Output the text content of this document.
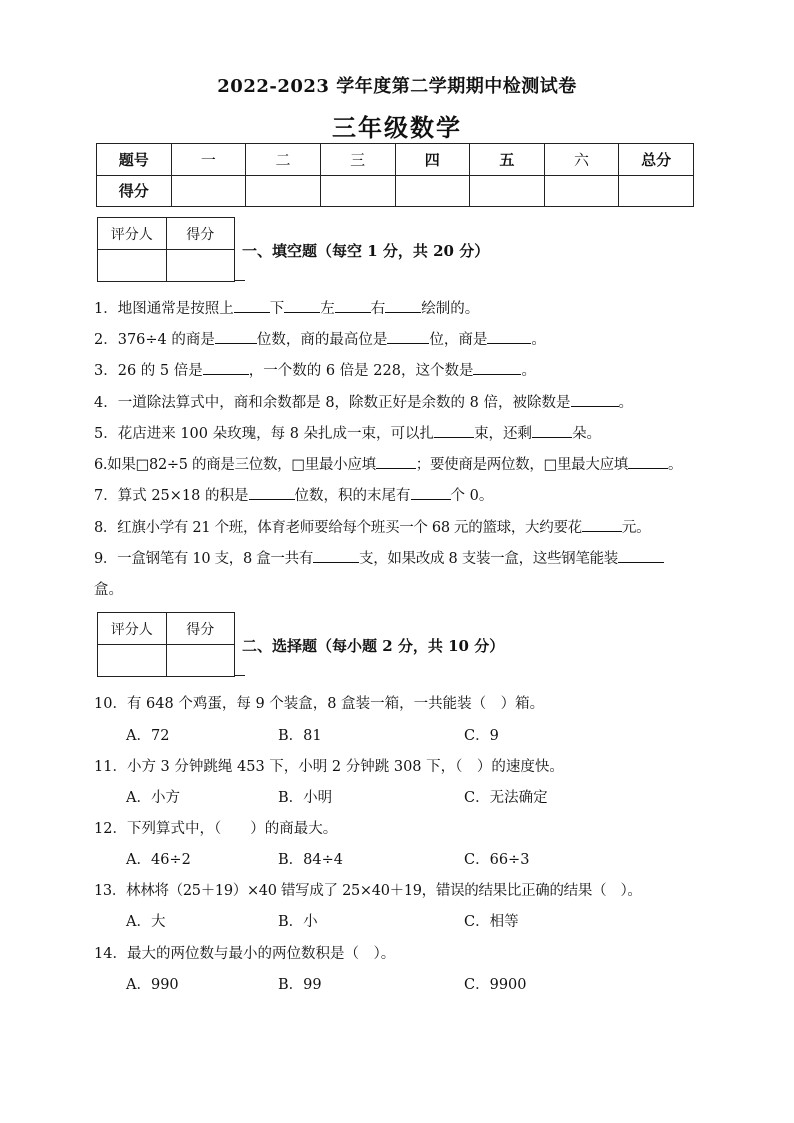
2022-2023 学年度第二学期期中检测试卷
三年级数学
题号	一	二	三	四	五	六	总分
得分							
评分人	得分

一、填空题（每空 1 分，共 20 分）
1．地图通常是按照上 下 左 右 绘制的。
2．376÷4 的商是	位数，商的最高位是	位，商是	。
3．26 的 5 倍是	，一个数的 6 倍是 228，这个数是	。
4．一道除法算式中，商和余数都是 8，除数正好是余数的 8 倍，被除数是	。
5．花店进来 100 朵玫瑰，每 8 朵扎成一束，可以扎	束，还剩	朵。
6.如果□82÷5 的商是三位数，□里最小应填	；要使商是两位数，□里最大应填	。
7．算式 25×18 的积是	位数，积的末尾有	个 0。
8．红旗小学有 21 个班，体育老师要给每个班买一个 68 元的篮球，大约要花	元。
9．一盒钢笔有 10 支，8 盒一共有	支，如果改成 8 支装一盒，这些钢笔能装
盒。
评分人	得分

二、选择题（每小题 2 分，共 10 分）
10．有 648 个鸡蛋，每 9 个装盒，8 盒装一箱，一共能装（　）箱。
A．72	B．81	C．9
11．小方 3 分钟跳绳 453 下，小明 2 分钟跳 308 下，（　）的速度快。
A．小方	B．小明	C．无法确定
12．下列算式中，（　　）的商最大。
A．46÷2	B．84÷4	C．66÷3
13．林林将（25＋19）×40 错写成了 25×40＋19，错误的结果比正确的结果（　）。
A．大	B．小	C．相等
14．最大的两位数与最小的两位数积是（　）。
A．990	B．99	C．9900
